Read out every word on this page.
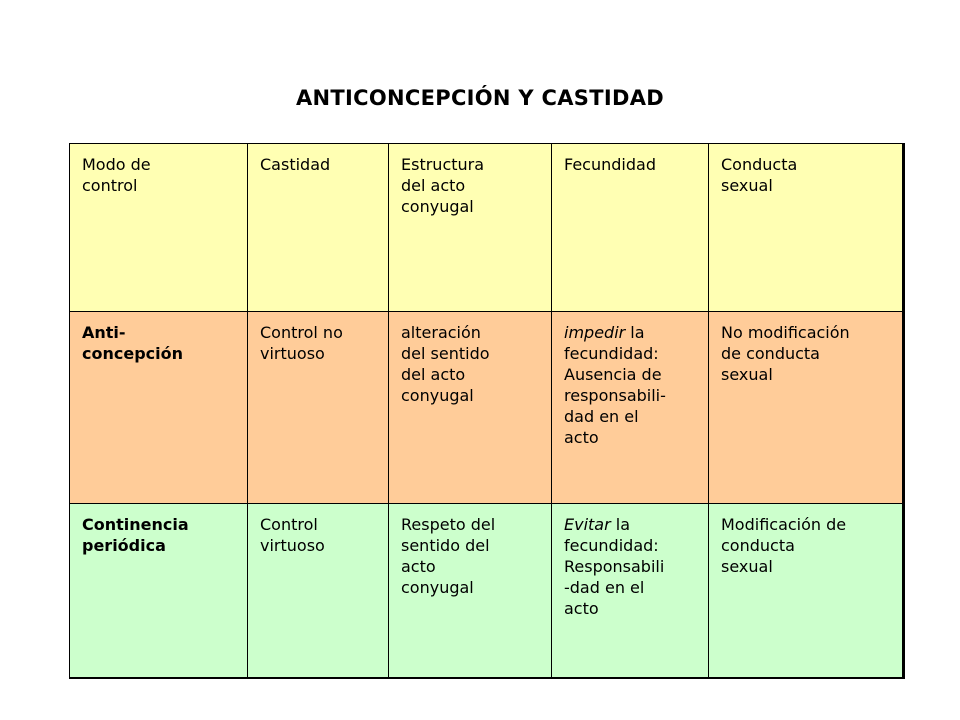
ANTICONCEPCIÓN Y CASTIDAD
Modo de
control
Castidad	Estructura
del acto
conyugal
Fecundidad	Conducta
sexual
Anti-
concepción
Control no
virtuoso
alteración
del sentido
del acto
conyugal
impedir la
fecundidad:
Ausencia de
responsabili-
dad en el
acto
No modificación
de conducta
sexual
Continencia
periódica
Control
virtuoso
Respeto del
sentido del
acto
conyugal
Evitar la
fecundidad:
Responsabili
-dad en el
acto
Modificación de
conducta
sexual
